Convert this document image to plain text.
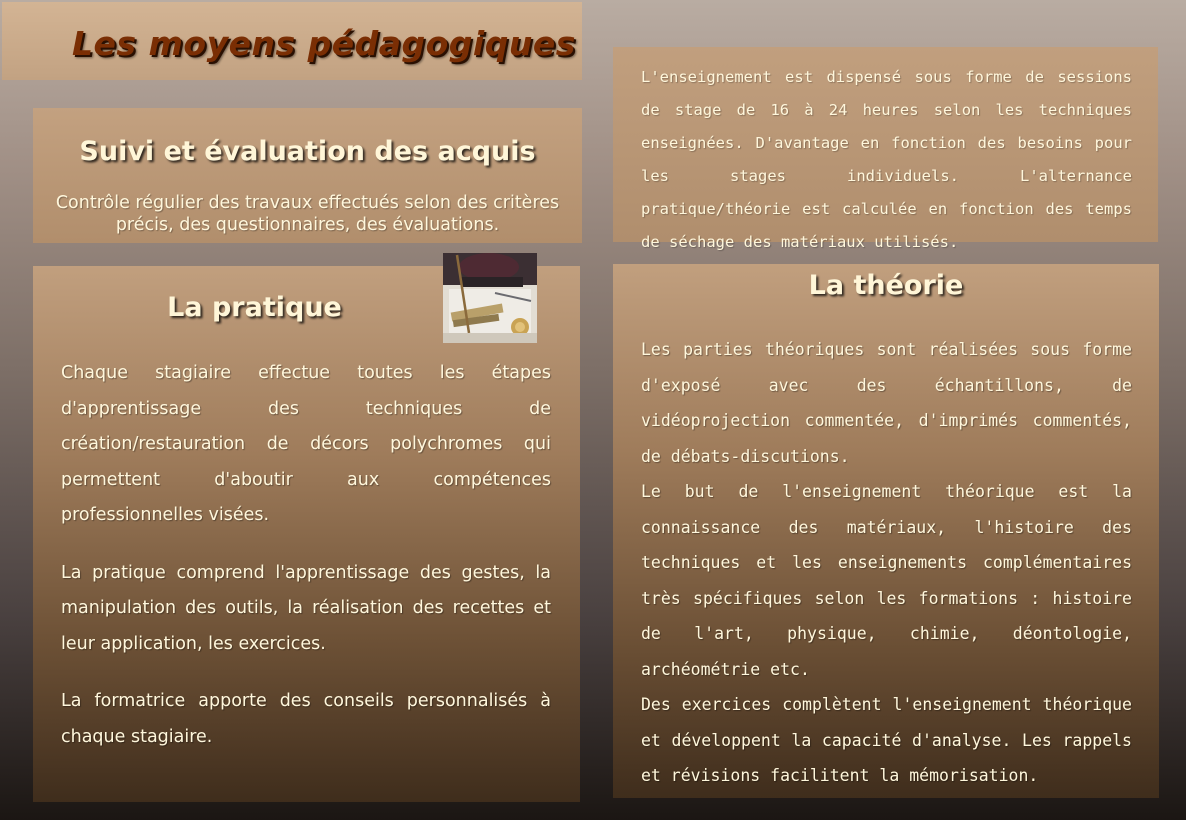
Les moyens pédagogiques

L'enseignement est dispensé sous forme de sessions de stage de 16 à 24 heures selon les techniques enseignées. D'avantage en fonction des besoins pour les stages individuels. L'alternance pratique/théorie est calculée en fonction des temps de séchage des matériaux utilisés.

Suivi et évaluation des acquis

Contrôle régulier des travaux effectués selon des critères précis, des questionnaires, des évaluations.

La pratique

Chaque stagiaire effectue toutes les étapes d'apprentissage des techniques de création/restauration de décors polychromes qui permettent d'aboutir aux compétences professionnelles visées.

La pratique comprend l'apprentissage des gestes, la manipulation des outils, la réalisation des recettes et leur application, les exercices.

La formatrice apporte des conseils personnalisés à chaque stagiaire.

La théorie

Les parties théoriques sont réalisées sous forme d'exposé avec des échantillons, de vidéoprojection commentée, d'imprimés commentés, de débats-discutions.

Le but de l'enseignement théorique est la connaissance des matériaux, l'histoire des techniques et les enseignements complémentaires très spécifiques selon les formations : histoire de l'art, physique, chimie, déontologie, archéométrie etc.

Des exercices complètent l'enseignement théorique et développent la capacité d'analyse. Les rappels et révisions facilitent la mémorisation.
